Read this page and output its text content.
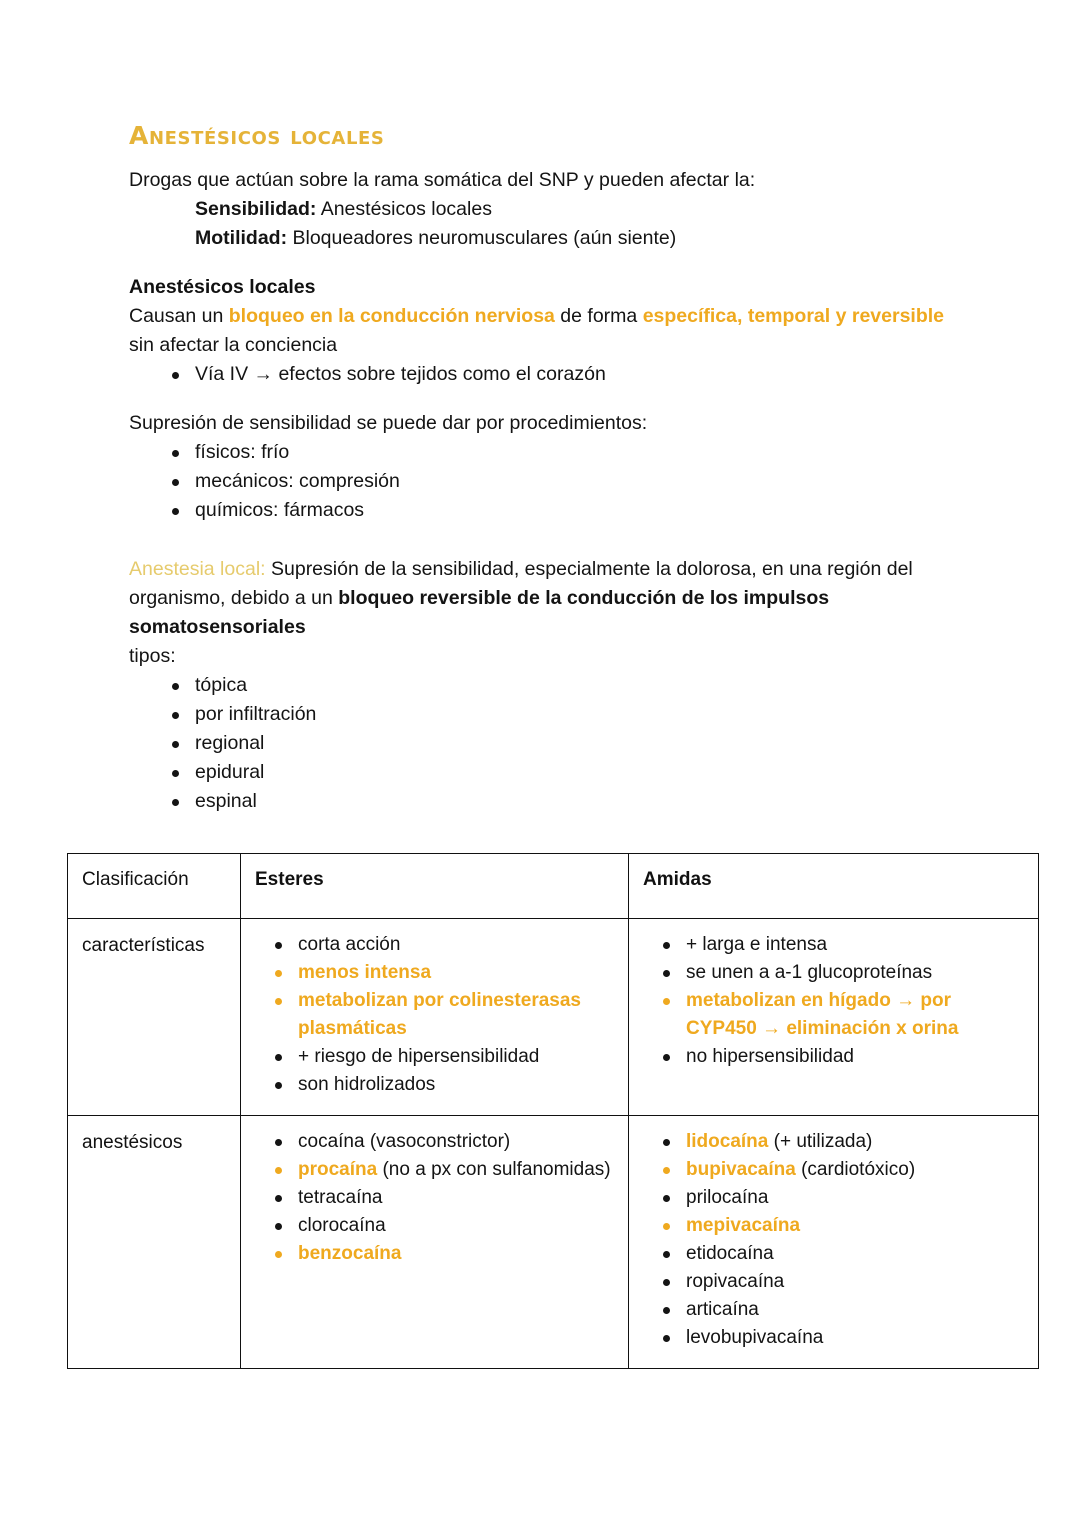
Anestésicos locales

Drogas que actúan sobre la rama somática del SNP y pueden afectar la:

Sensibilidad: Anestésicos locales

Motilidad: Bloqueadores neuromusculares (aún siente)

Anestésicos locales

Causan un bloqueo en la conducción nerviosa de forma específica, temporal y reversible sin afectar la conciencia

Vía IV → efectos sobre tejidos como el corazón

Supresión de sensibilidad se puede dar por procedimientos:

físicos: frío
mecánicos: compresión
químicos: fármacos

Anestesia local: Supresión de la sensibilidad, especialmente la dolorosa, en una región del organismo, debido a un bloqueo reversible de la conducción de los impulsos somatosensoriales

tipos:

tópica
por infiltración
regional
epidural
espinal
Clasificación	Esteres	Amidas
características	corta acción
menos intensa
metabolizan por colinesterasas plasmáticas
+ riesgo de hipersensibilidad
son hidrolizados

+ larga e intensa
se unen a a-1 glucoproteínas
metabolizan en hígado → por CYP450 → eliminación x orina
no hipersensibilidad

anestésicos	cocaína (vasoconstrictor)
procaína (no a px con sulfanomidas)
tetracaína
clorocaína
benzocaína

lidocaína (+ utilizada)
bupivacaína (cardiotóxico)
prilocaína
mepivacaína
etidocaína
ropivacaína
articaína
levobupivacaína
